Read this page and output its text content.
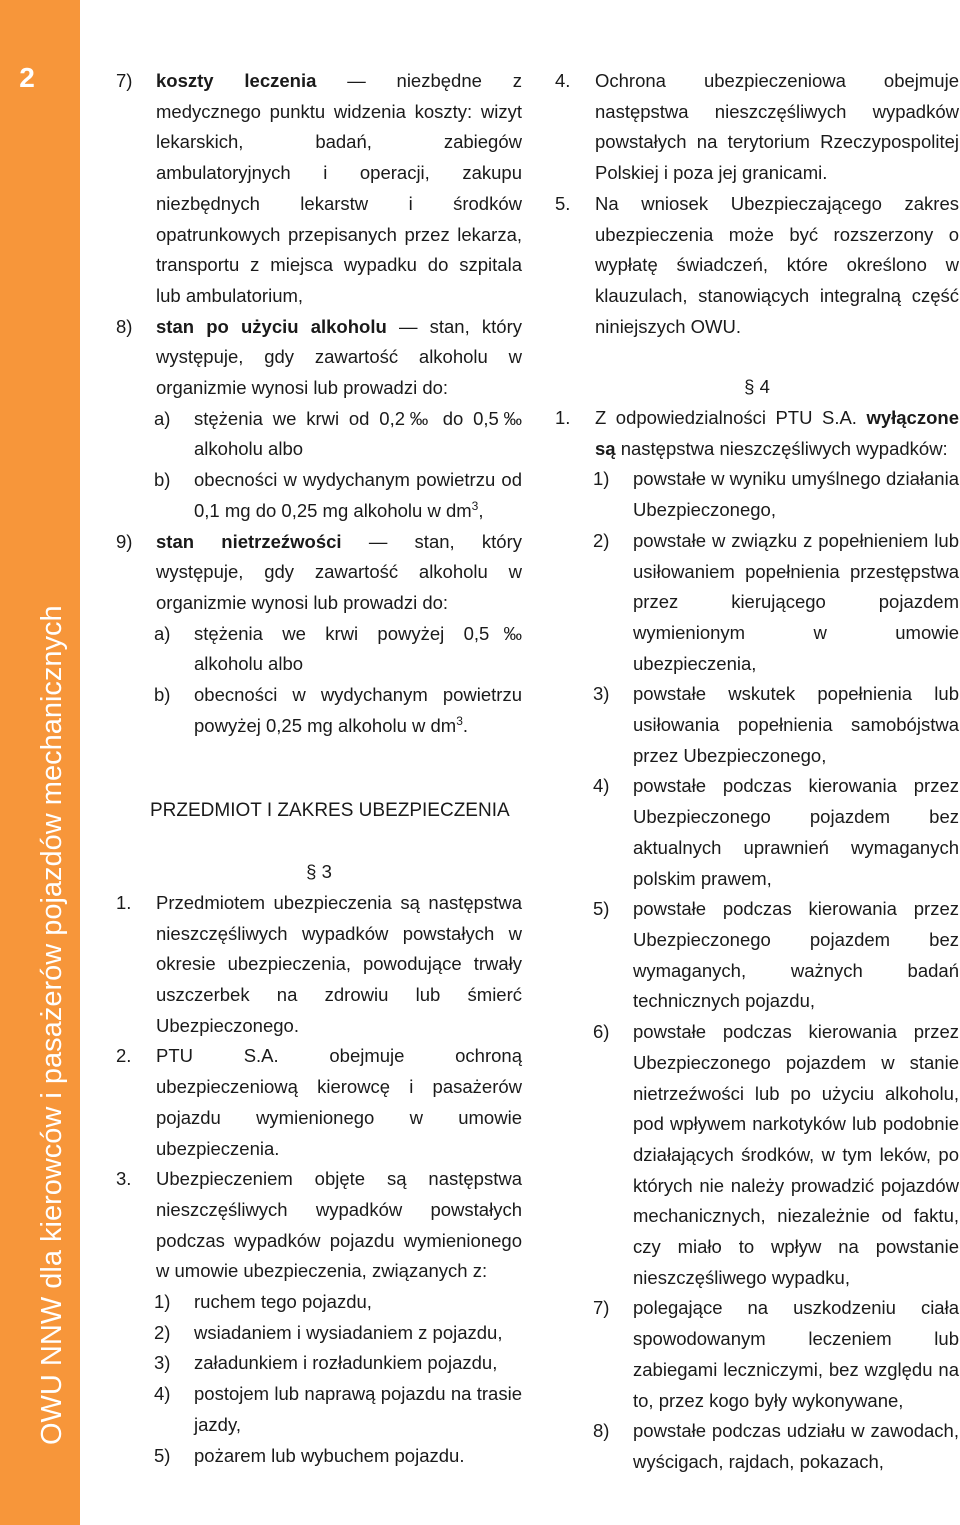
2
OWU NNW dla kierowców i pasażerów pojazdów mechanicznych
7) koszty leczenia — niezbędne z medycznego punktu widzenia koszty: wizyt lekarskich, badań, zabiegów ambulatoryjnych i operacji, zakupu niezbędnych lekarstw i środków opatrunkowych przepisanych przez lekarza, transportu z miejsca wypadku do szpitala lub ambulatorium,
8) stan po użyciu alkoholu — stan, który występuje, gdy zawartość alkoholu w organizmie wynosi lub prowadzi do:
a) stężenia we krwi od 0,2‰ do 0,5‰ alkoholu albo
b) obecności w wydychanym powietrzu od 0,1 mg do 0,25 mg alkoholu w $dm^3$,
9) stan nietrzeźwości — stan, który występuje, gdy zawartość alkoholu w organizmie wynosi lub prowadzi do:
a) stężenia we krwi powyżej 0,5‰ alkoholu albo
b) obecności w wydychanym powietrzu powyżej 0,25 mg alkoholu w $dm^3$.
PRZEDMIOT I ZAKRES UBEZPIECZENIA
§ 3
1. Przedmiotem ubezpieczenia są następstwa nieszczęśliwych wypadków powstałych w okresie ubezpieczenia, powodujące trwały uszczerbek na zdrowiu lub śmierć Ubezpieczonego.
2. PTU S.A. obejmuje ochroną ubezpieczeniową kierowcę i pasażerów pojazdu wymienionego w umowie ubezpieczenia.
3. Ubezpieczeniem objęte są następstwa nieszczęśliwych wypadków powstałych podczas wypadków pojazdu wymienionego w umowie ubezpieczenia, związanych z:
1) ruchem tego pojazdu,
2) wsiadaniem i wysiadaniem z pojazdu,
3) załadunkiem i rozładunkiem pojazdu,
4) postojem lub naprawą pojazdu na trasie jazdy,
5) pożarem lub wybuchem pojazdu.
4. Ochrona ubezpieczeniowa obejmuje następstwa nieszczęśliwych wypadków powstałych na terytorium Rzeczypospolitej Polskiej i poza jej granicami.
5. Na wniosek Ubezpieczającego zakres ubezpieczenia może być rozszerzony o wypłatę świadczeń, które określono w klauzulach, stanowiących integralną część niniejszych OWU.
§ 4
1. Z odpowiedzialności PTU S.A. wyłączone są następstwa nieszczęśliwych wypadków:
1) powstałe w wyniku umyślnego działania Ubezpieczonego,
2) powstałe w związku z popełnieniem lub usiłowaniem popełnienia przestępstwa przez kierującego pojazdem wymienionym w umowie ubezpieczenia,
3) powstałe wskutek popełnienia lub usiłowania popełnienia samobójstwa przez Ubezpieczonego,
4) powstałe podczas kierowania przez Ubezpieczonego pojazdem bez aktualnych uprawnień wymaganych polskim prawem,
5) powstałe podczas kierowania przez Ubezpieczonego pojazdem bez wymaganych, ważnych badań technicznych pojazdu,
6) powstałe podczas kierowania przez Ubezpieczonego pojazdem w stanie nietrzeźwości lub po użyciu alkoholu, pod wpływem narkotyków lub podobnie działających środków, w tym leków, po których nie należy prowadzić pojazdów mechanicznych, niezależnie od faktu, czy miało to wpływ na powstanie nieszczęśliwego wypadku,
7) polegające na uszkodzeniu ciała spowodowanym leczeniem lub zabiegami leczniczymi, bez względu na to, przez kogo były wykonywane,
8) powstałe podczas udziału w zawodach, wyścigach, rajdach, pokazach,
